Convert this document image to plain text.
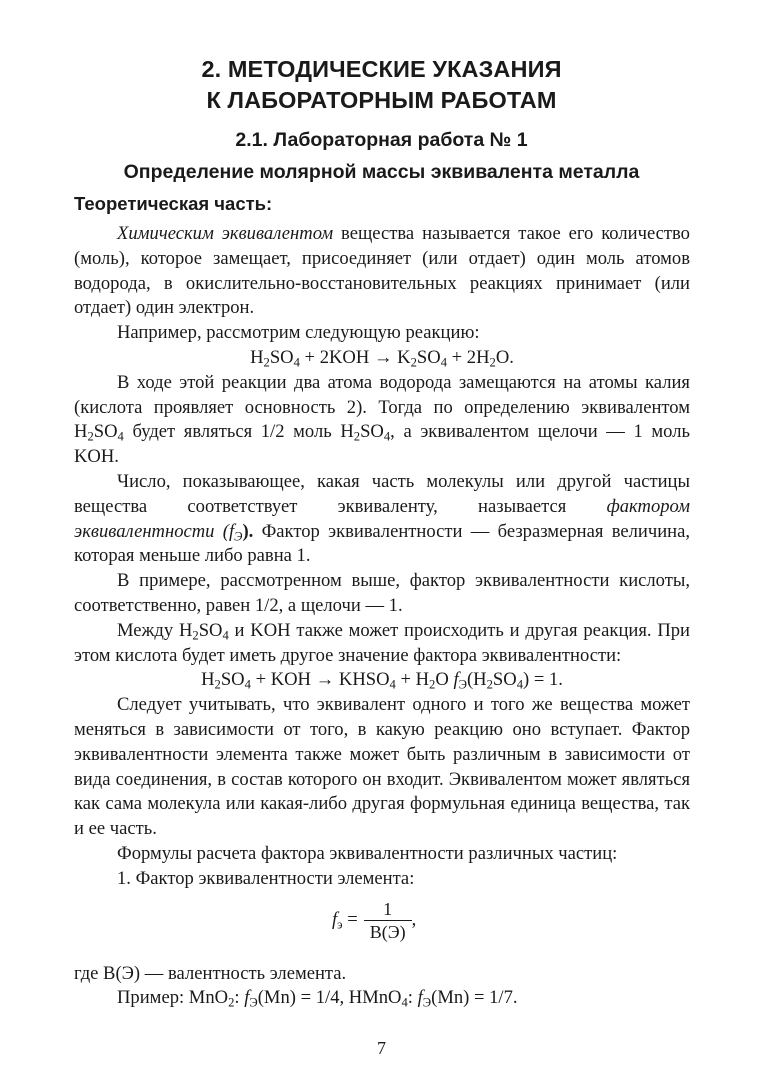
2. МЕТОДИЧЕСКИЕ УКАЗАНИЯ
К ЛАБОРАТОРНЫМ РАБОТАМ
2.1. Лабораторная работа № 1
Определение молярной массы эквивалента металла
Теоретическая часть:

Химическим эквивалентом вещества называется такое его количество (моль), которое замещает, присоединяет (или отдает) один моль атомов водорода, в окислительно-восстановительных реакциях принимает (или отдает) один электрон.

Например, рассмотрим следующую реакцию:

$H_2SO_4 + 2KOH \to K_2SO_4 + 2H_2O$.

В ходе этой реакции два атома водорода замещаются на атомы калия (кислота проявляет основность 2). Тогда по определению эквивалентом $H_2SO_4$ будет являться 1/2 моль $H_2SO_4$, а эквивалентом щелочи — 1 моль KOH.

Число, показывающее, какая часть молекулы или другой частицы вещества соответствует эквиваленту, называется фактором эквивалентности $(f_Э)$. Фактор эквивалентности — безразмерная величина, которая меньше либо равна 1.

В примере, рассмотренном выше, фактор эквивалентности кислоты, соответственно, равен 1/2, а щелочи — 1.

Между $H_2SO_4$ и KOH также может происходить и другая реакция. При этом кислота будет иметь другое значение фактора эквивалентности:

$H_2SO_4$ + KOH → $KHSO_4 + H_2O$ $f_Э(H_2SO_4) = 1$.

Следует учитывать, что эквивалент одного и того же вещества может меняться в зависимости от того, в какую реакцию оно вступает. Фактор эквивалентности элемента также может быть различным в зависимости от вида соединения, в состав которого он входит. Эквивалентом может являться как сама молекула или какая-либо другая формульная единица вещества, так и ее часть.

Формулы расчета фактора эквивалентности различных частиц:

1. Фактор эквивалентности элемента:

$f_э = \frac{1}{В(Э)}$ ,

где В(Э) — валентность элемента.

Пример: MnO$_2$: $f_Э(Mn) = 1/4$, HMnO$_4$: $f_Э(Mn) = 1/7$.

7
